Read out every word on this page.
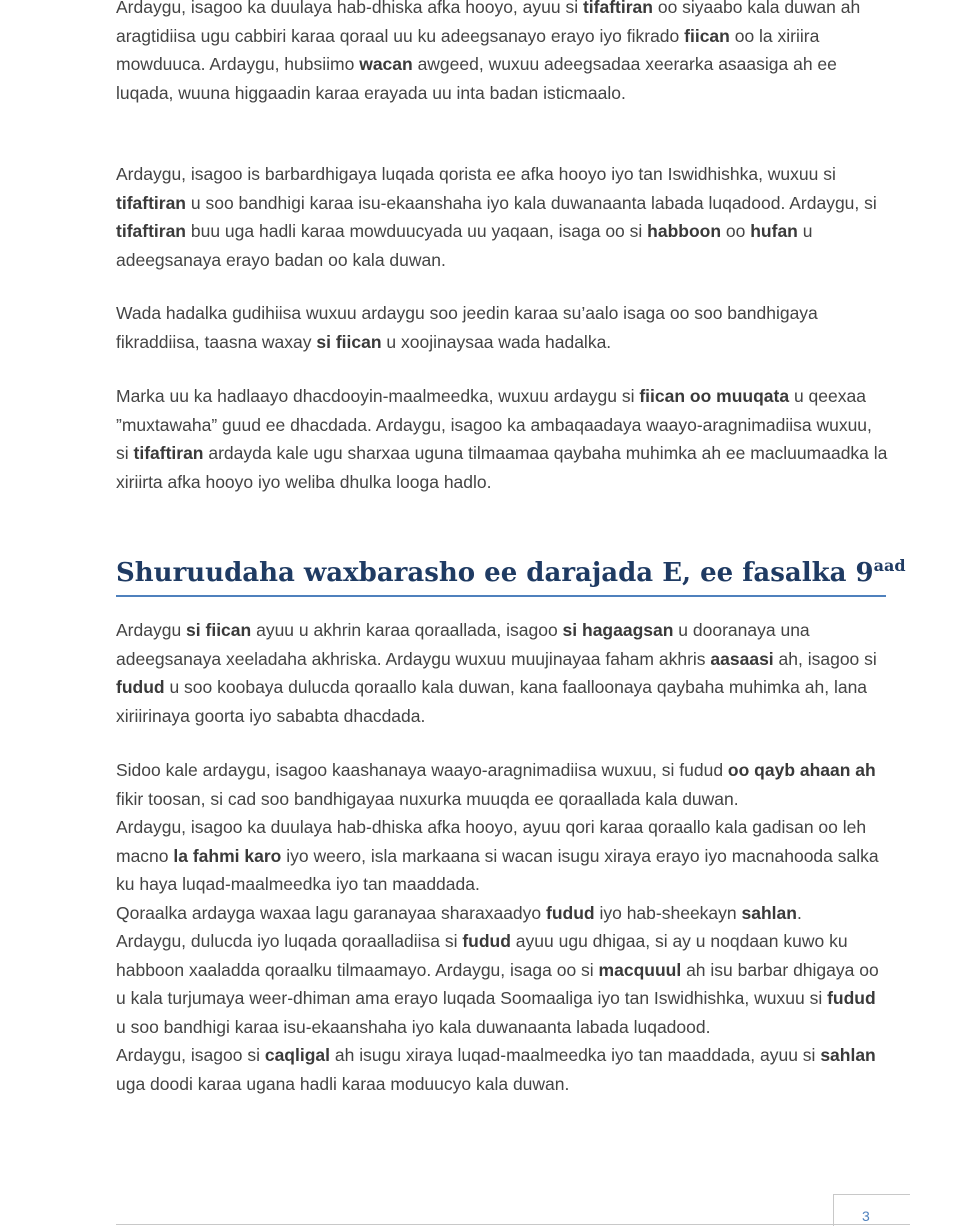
Ardaygu, isagoo ka duulaya hab-dhiska afka hooyo, ayuu si tifaftiran oo siyaabo kala duwan ah aragtidiisa ugu cabbiri karaa qoraal uu ku adeegsanayo erayo iyo fikrado fiican oo la xiriira mowduuca. Ardaygu, hubsiimo wacan awgeed, wuxuu adeegsadaa xeerarka asaasiga ah ee luqada, wuuna higgaadin karaa erayada uu inta badan isticmaalo.

Ardaygu, isagoo is barbardhigaya luqada qorista ee afka hooyo iyo tan Iswidhishka, wuxuu si tifaftiran u soo bandhigi karaa isu-ekaanshaha iyo kala duwanaanta labada luqadood. Ardaygu, si tifaftiran buu uga hadli karaa mowduucyada uu yaqaan, isaga oo si habboon oo hufan u adeegsanaya erayo badan oo kala duwan.

Wada hadalka gudihiisa wuxuu ardaygu soo jeedin karaa su’aalo isaga oo soo bandhigaya fikraddiisa, taasna waxay si fiican u xoojinaysaa wada hadalka.

Marka uu ka hadlaayo dhacdooyin-maalmeedka, wuxuu ardaygu si fiican oo muuqata u qeexaa ”muxtawaha” guud ee dhacdada. Ardaygu, isagoo ka ambaqaadaya waayo-aragnimadiisa wuxuu, si tifaftiran ardayda kale ugu sharxaa uguna tilmaamaa qaybaha muhimka ah ee macluumaadka la xiriirta afka hooyo iyo weliba dhulka looga hadlo.

Shuruudaha waxbarasho ee darajada E, ee fasalka $9^{aad}$

Ardaygu si fiican ayuu u akhrin karaa qoraallada, isagoo si hagaagsan u dooranaya una adeegsanaya xeeladaha akhriska. Ardaygu wuxuu muujinayaa faham akhris aasaasi ah, isagoo si fudud u soo koobaya dulucda qoraallo kala duwan, kana faalloonaya qaybaha muhimka ah, lana xiriirinaya goorta iyo sababta dhacdada.

Sidoo kale ardaygu, isagoo kaashanaya waayo-aragnimadiisa wuxuu, si fudud oo qayb ahaan ah fikir toosan, si cad soo bandhigayaa nuxurka muuqda ee qoraallada kala duwan.

Ardaygu, isagoo ka duulaya hab-dhiska afka hooyo, ayuu qori karaa qoraallo kala gadisan oo leh macno la fahmi karo iyo weero, isla markaana si wacan isugu xiraya erayo iyo macnahooda salka ku haya luqad-maalmeedka iyo tan maaddada.

Qoraalka ardayga waxaa lagu garanayaa sharaxaadyo fudud iyo hab-sheekayn sahlan.

Ardaygu, dulucda iyo luqada qoraalladiisa si fudud ayuu ugu dhigaa, si ay u noqdaan kuwo ku habboon xaaladda qoraalku tilmaamayo. Ardaygu, isaga oo si macquuul ah isu barbar dhigaya oo u kala turjumaya weer-dhiman ama erayo luqada Soomaaliga iyo tan Iswidhishka, wuxuu si fudud u soo bandhigi karaa isu-ekaanshaha iyo kala duwanaanta labada luqadood.

Ardaygu, isagoo si caqligal ah isugu xiraya luqad-maalmeedka iyo tan maaddada, ayuu si sahlan uga doodi karaa ugana hadli karaa moduucyo kala duwan.

3
